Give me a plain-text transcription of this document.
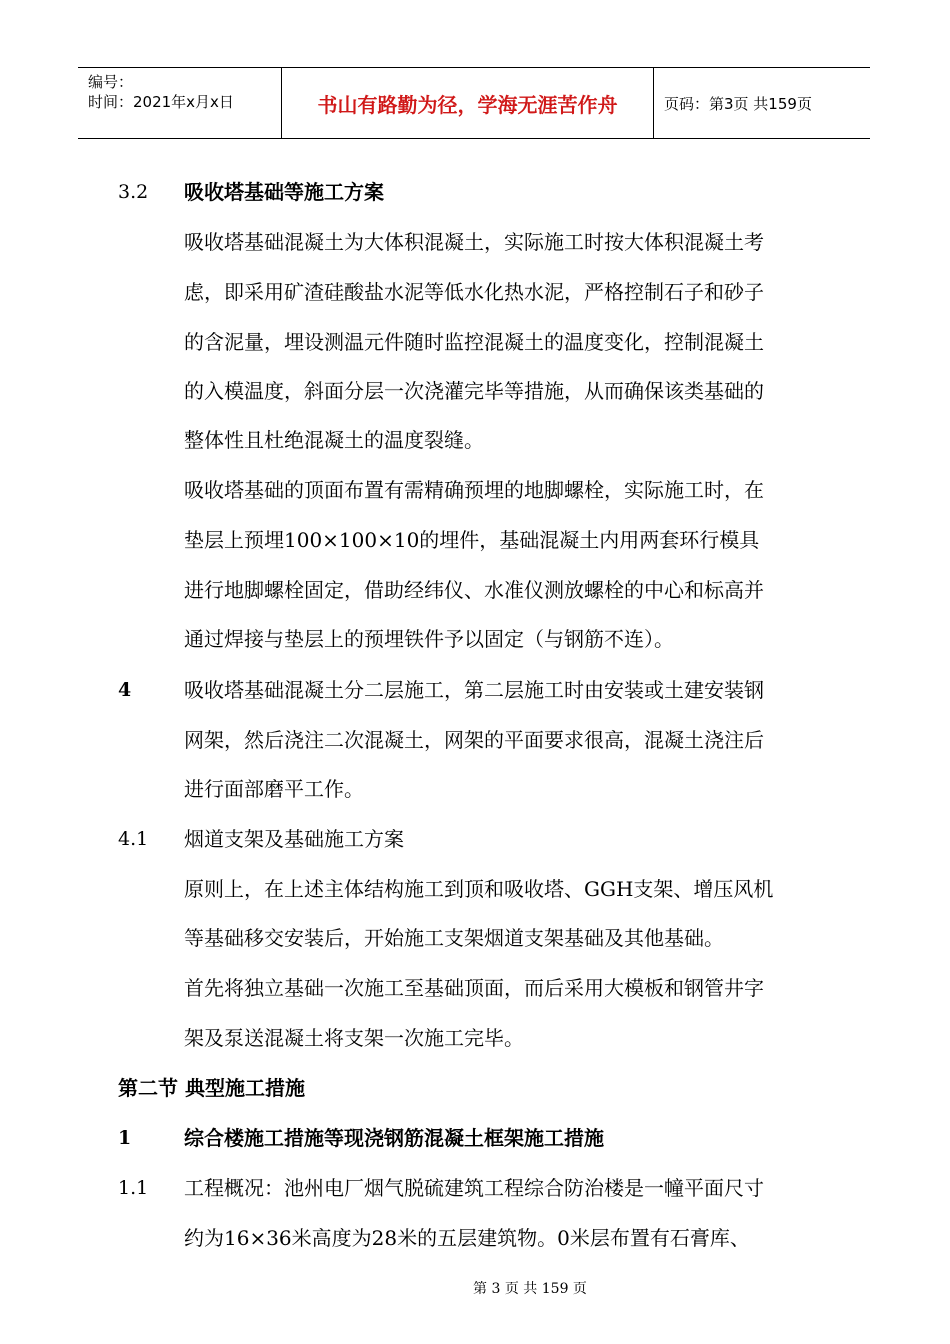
编号：
时间：2021年x月x日	书山有路勤为径，学海无涯苦作舟	页码：第3页 共159页
3.2 吸收塔基础等施工方案
吸收塔基础混凝土为大体积混凝土，实际施工时按大体积混凝土考
虑，即采用矿渣硅酸盐水泥等低水化热水泥，严格控制石子和砂子
的含泥量，埋设测温元件随时监控混凝土的温度变化，控制混凝土
的入模温度，斜面分层一次浇灌完毕等措施，从而确保该类基础的
整体性且杜绝混凝土的温度裂缝。
吸收塔基础的顶面布置有需精确预埋的地脚螺栓，实际施工时，在
垫层上预埋100×100×10的埋件，基础混凝土内用两套环行模具
进行地脚螺栓固定，借助经纬仪、水准仪测放螺栓的中心和标高并
通过焊接与垫层上的预埋铁件予以固定（与钢筋不连）。
4	吸收塔基础混凝土分二层施工，第二层施工时由安装或土建安装钢
网架，然后浇注二次混凝土，网架的平面要求很高，混凝土浇注后
进行面部磨平工作。
4.1 烟道支架及基础施工方案
原则上，在上述主体结构施工到顶和吸收塔、GGH支架、增压风机
等基础移交安装后，开始施工支架烟道支架基础及其他基础。
首先将独立基础一次施工至基础顶面，而后采用大模板和钢管井字
架及泵送混凝土将支架一次施工完毕。
第二节 典型施工措施
1	综合楼施工措施等现浇钢筋混凝土框架施工措施
1.1 工程概况：池州电厂烟气脱硫建筑工程综合防治楼是一幢平面尺寸
约为16×36米高度为28米的五层建筑物。0米层布置有石膏库、
第 3 页 共 159 页
